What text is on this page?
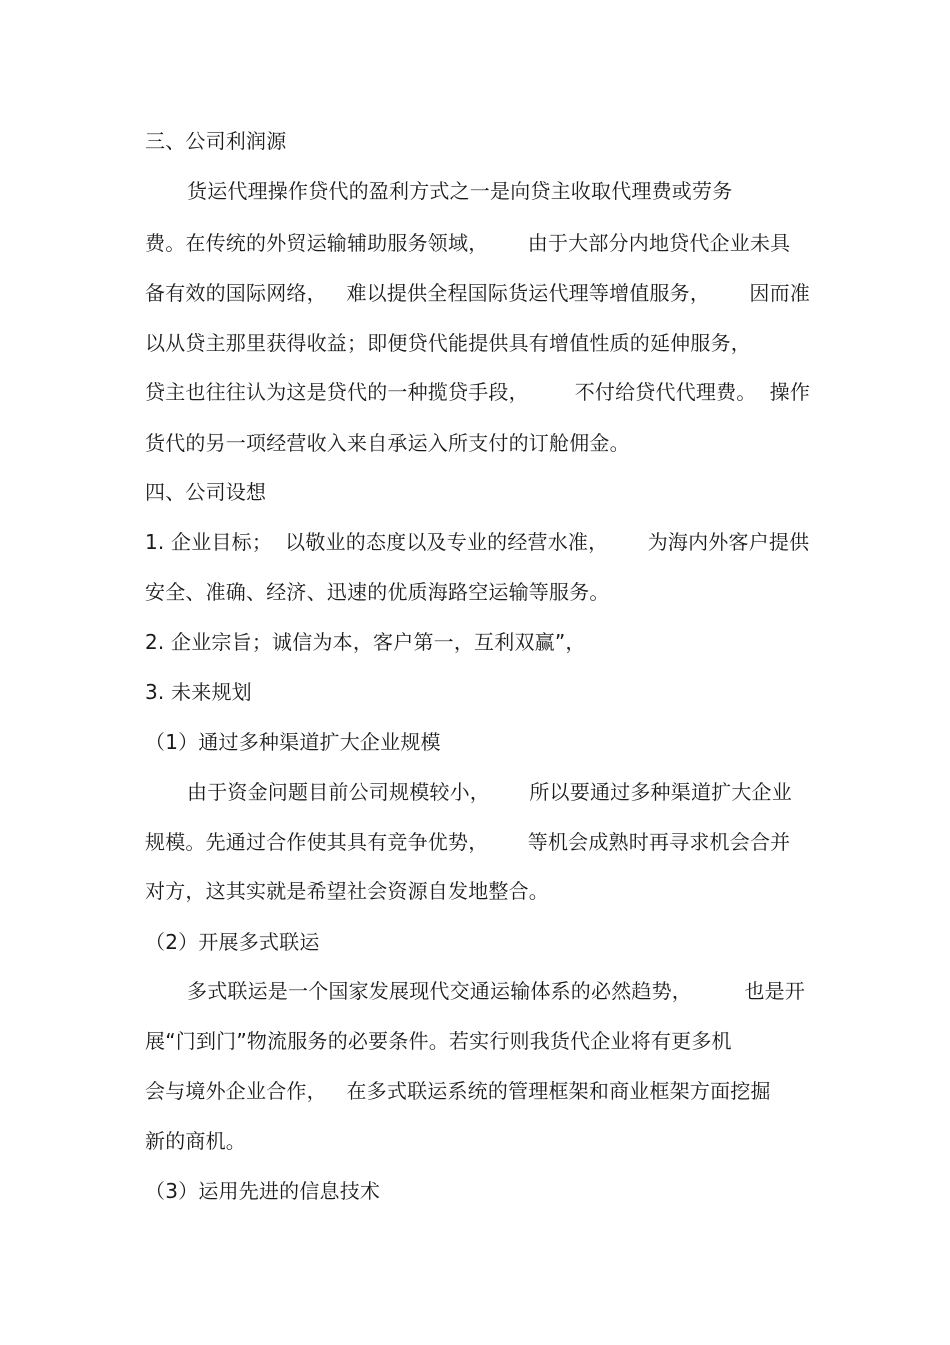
三、公司利润源
货运代理操作贷代的盈利方式之一是向贷主收取代理费或劳务
费。在传统的外贸运输辅助服务领域，      由于大部分内地贷代企业未具
备有效的国际网络，   难以提供全程国际货运代理等增值服务，      因而准
以从贷主那里获得收益；即便贷代能提供具有增值性质的延伸服务，
贷主也往往认为这是贷代的一种揽贷手段，       不付给贷代代理费。  操作
货代的另一项经营收入来自承运入所支付的订舱佣金。
四、公司设想
1. 企业目标；  以敬业的态度以及专业的经营水准，      为海内外客户提供
安全、准确、经济、迅速的优质海路空运输等服务。
2. 企业宗旨；诚信为本，客户第一，互利双赢”，
3. 未来规划
（1）通过多种渠道扩大企业规模
由于资金问题目前公司规模较小，      所以要通过多种渠道扩大企业
规模。先通过合作使其具有竞争优势，      等机会成熟时再寻求机会合并
对方，这其实就是希望社会资源自发地整合。
（2）开展多式联运
多式联运是一个国家发展现代交通运输体系的必然趋势，        也是开
展“门到门”物流服务的必要条件。若实行则我货代企业将有更多机
会与境外企业合作，   在多式联运系统的管理框架和商业框架方面挖掘
新的商机。
（3）运用先进的信息技术
